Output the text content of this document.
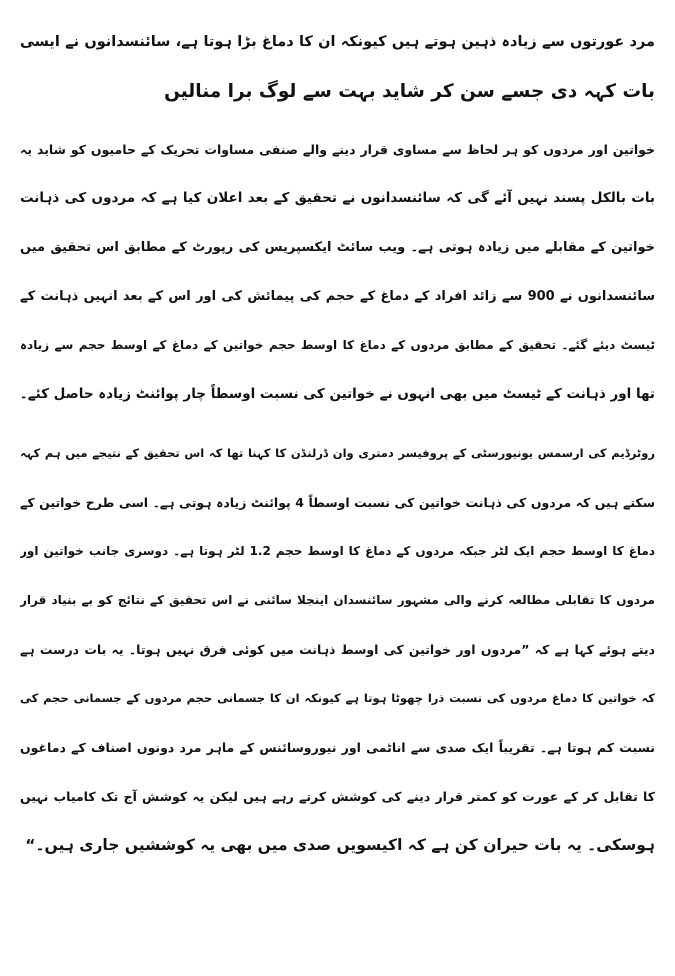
مرد عورتوں سے زیادہ ذہین ہوتے ہیں کیونکہ ان کا دماغ بڑا ہوتا ہے، سائنسدانوں نے ایسی
بات کہہ دی جسے سن کر شاید بہت سے لوگ برا منالیں
خواتین اور مردوں کو ہر لحاظ سے مساوی قرار دینے والے صنفی مساوات تحریک کے حامیوں کو شاید یہ
بات بالکل پسند نہیں آئے گی کہ سائنسدانوں نے تحقیق کے بعد اعلان کیا ہے کہ مردوں کی ذہانت
خواتین کے مقابلے میں زیادہ ہوتی ہے۔ ویب سائٹ ایکسپریس کی رپورٹ کے مطابق اس تحقیق میں
سائنسدانوں نے 900 سے زائد افراد کے دماغ کے حجم کی پیمائش کی اور اس کے بعد انہیں ذہانت کے
ٹیسٹ دیئے گئے۔ تحقیق کے مطابق مردوں کے دماغ کا اوسط حجم خواتین کے دماغ کے اوسط حجم سے زیادہ
تھا اور ذہانت کے ٹیسٹ میں بھی انہوں نے خواتین کی نسبت اوسطاً چار پوائنٹ زیادہ حاصل کئے۔
روٹرڈیم کی ارسمس یونیورسٹی کے پروفیسر دمتری وان ڈرلنڈن کا کہنا تھا کہ اس تحقیق کے نتیجے میں ہم کہہ
سکتے ہیں کہ مردوں کی ذہانت خواتین کی نسبت اوسطاً 4 پوائنٹ زیادہ ہوتی ہے۔ اسی طرح خواتین کے
دماغ کا اوسط حجم ایک لٹر جبکہ مردوں کے دماغ کا اوسط حجم 1.2 لٹر ہوتا ہے۔ دوسری جانب خواتین اور
مردوں کا تقابلی مطالعہ کرنے والی مشہور سائنسدان اینجلا سائنی نے اس تحقیق کے نتائج کو بے بنیاد قرار
دیتے ہوئے کہا ہے کہ ”مردوں اور خواتین کی اوسط ذہانت میں کوئی فرق نہیں ہوتا۔ یہ بات درست ہے
کہ خواتین کا دماغ مردوں کی نسبت ذرا چھوٹا ہوتا ہے کیونکہ ان کا جسمانی حجم مردوں کے جسمانی حجم کی
نسبت کم ہوتا ہے۔ تقریباً ایک صدی سے اناٹمی اور نیوروسائنس کے ماہر مرد دونوں اصناف کے دماغوں
کا تقابل کر کے عورت کو کمتر قرار دینے کی کوشش کرتے رہے ہیں لیکن یہ کوشش آج تک کامیاب نہیں
ہوسکی۔ یہ بات حیران کن ہے کہ اکیسویں صدی میں بھی یہ کوششیں جاری ہیں۔“
